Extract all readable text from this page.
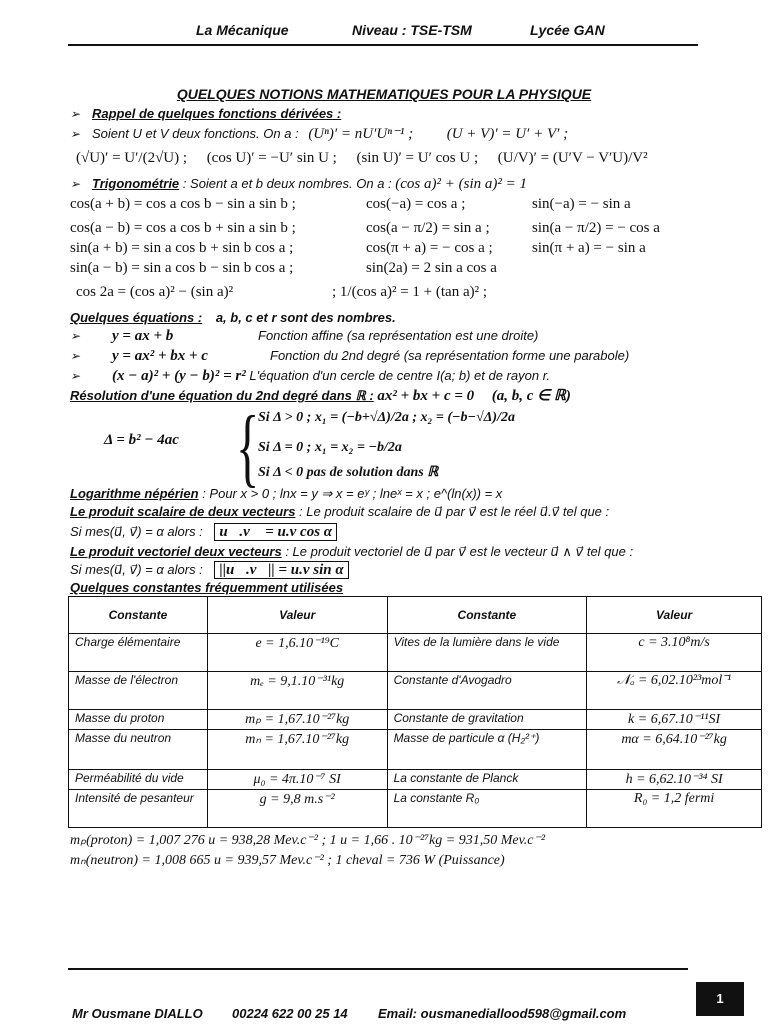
La Mécanique	Niveau : TSE-TSM	Lycée GAN
QUELQUES NOTIONS MATHEMATIQUES POUR LA PHYSIQUE
➢ Rappel de quelques fonctions dérivées :
➢ Soient U et V deux fonctions. On a : (Uⁿ)′ = nU′Uⁿ⁻¹ ; (U + V)′ = U′ + V′ ;
(√U)′ = U′/(2√U) ; (cos U)′ = −U′ sin U ; (sin U)′ = U′ cos U ; (U/V)′ = (U′V − V′U)/V²
➢ Trigonométrie : Soient a et b deux nombres. On a : (cos a)² + (sin a)² = 1
cos(a + b) = cos a cos b − sin a sin b ;	cos(−a) = cos a ;	sin(−a) = − sin a
cos(a − b) = cos a cos b + sin a sin b ;	cos(a − π/2) = sin a ;	sin(a − π/2) = − cos a
sin(a + b) = sin a cos b + sin b cos a ;	cos(π + a) = − cos a ;	sin(π + a) = − sin a
sin(a − b) = sin a cos b − sin b cos a ;	sin(2a) = 2 sin a cos a
cos 2a = (cos a)² − (sin a)²	; 1/(cos a)² = 1 + (tan a)² ;
Quelques équations : a, b, c et r sont des nombres.
➢ y = ax + b	Fonction affine (sa représentation est une droite)
➢ y = ax² + bx + c	Fonction du 2nd degré (sa représentation forme une parabole)
➢ (x − a)² + (y − b)² = r² L'équation d'un cercle de centre I(a; b) et de rayon r.
Résolution d'une équation du 2nd degré dans ℝ : ax² + bx + c = 0 (a, b, c ∈ ℝ)
Δ = b² − 4ac {
Si Δ > 0 ; x₁ = (−b+√Δ)/2a ; x₂ = (−b−√Δ)/2a
Si Δ = 0 ; x₁ = x₂ = −b/2a
Si Δ < 0 pas de solution dans ℝ
Logarithme népérien : Pour x > 0 ; lnx = y ⇒ x = eʸ ; lneˣ = x ; e^(ln(x)) = x
Le produit scalaire de deux vecteurs : Le produit scalaire de u⃗ par v⃗ est le réel u⃗.v⃗ tel que :
Si mes(u⃗, v⃗) = α alors : u⃗.v⃗ = u.v cos α
Le produit vectoriel deux vecteurs : Le produit vectoriel de u⃗ par v⃗ est le vecteur u⃗ ∧ v⃗ tel que :
Si mes(u⃗, v⃗) = α alors : ||u⃗.v⃗|| = u.v sin α
Quelques constantes fréquemment utilisées
Constante	Valeur	Constante	Valeur
Charge élémentaire	e = 1,6.10⁻¹⁹C	Vites de la lumière dans le vide	c = 3.10⁸m/s
Masse de l'électron	mₑ = 9,1.10⁻³¹kg	Constante d'Avogadro	𝒩ₐ = 6,02.10²³mol⁻¹
Masse du proton	mₚ = 1,67.10⁻²⁷kg	Constante de gravitation	k = 6,67.10⁻¹¹SI
Masse du neutron	mₙ = 1,67.10⁻²⁷kg	Masse de particule α (H₂²⁺)	mα = 6,64.10⁻²⁷kg
Perméabilité du vide	μ₀ = 4π.10⁻⁷ SI	La constante de Planck	h = 6,62.10⁻³⁴ SI
Intensité de pesanteur	g = 9,8 m.s⁻²	La constante R₀	R₀ = 1,2 fermi
mₚ(proton) = 1,007 276 u = 938,28 Mev.c⁻² ; 1 u = 1,66 . 10⁻²⁷kg = 931,50 Mev.c⁻²
mₙ(neutron) = 1,008 665 u = 939,57 Mev.c⁻² ; 1 cheval = 736 W (Puissance)
Mr Ousmane DIALLO 00224 622 00 25 14 Email: ousmanediallood598@gmail.com
1
